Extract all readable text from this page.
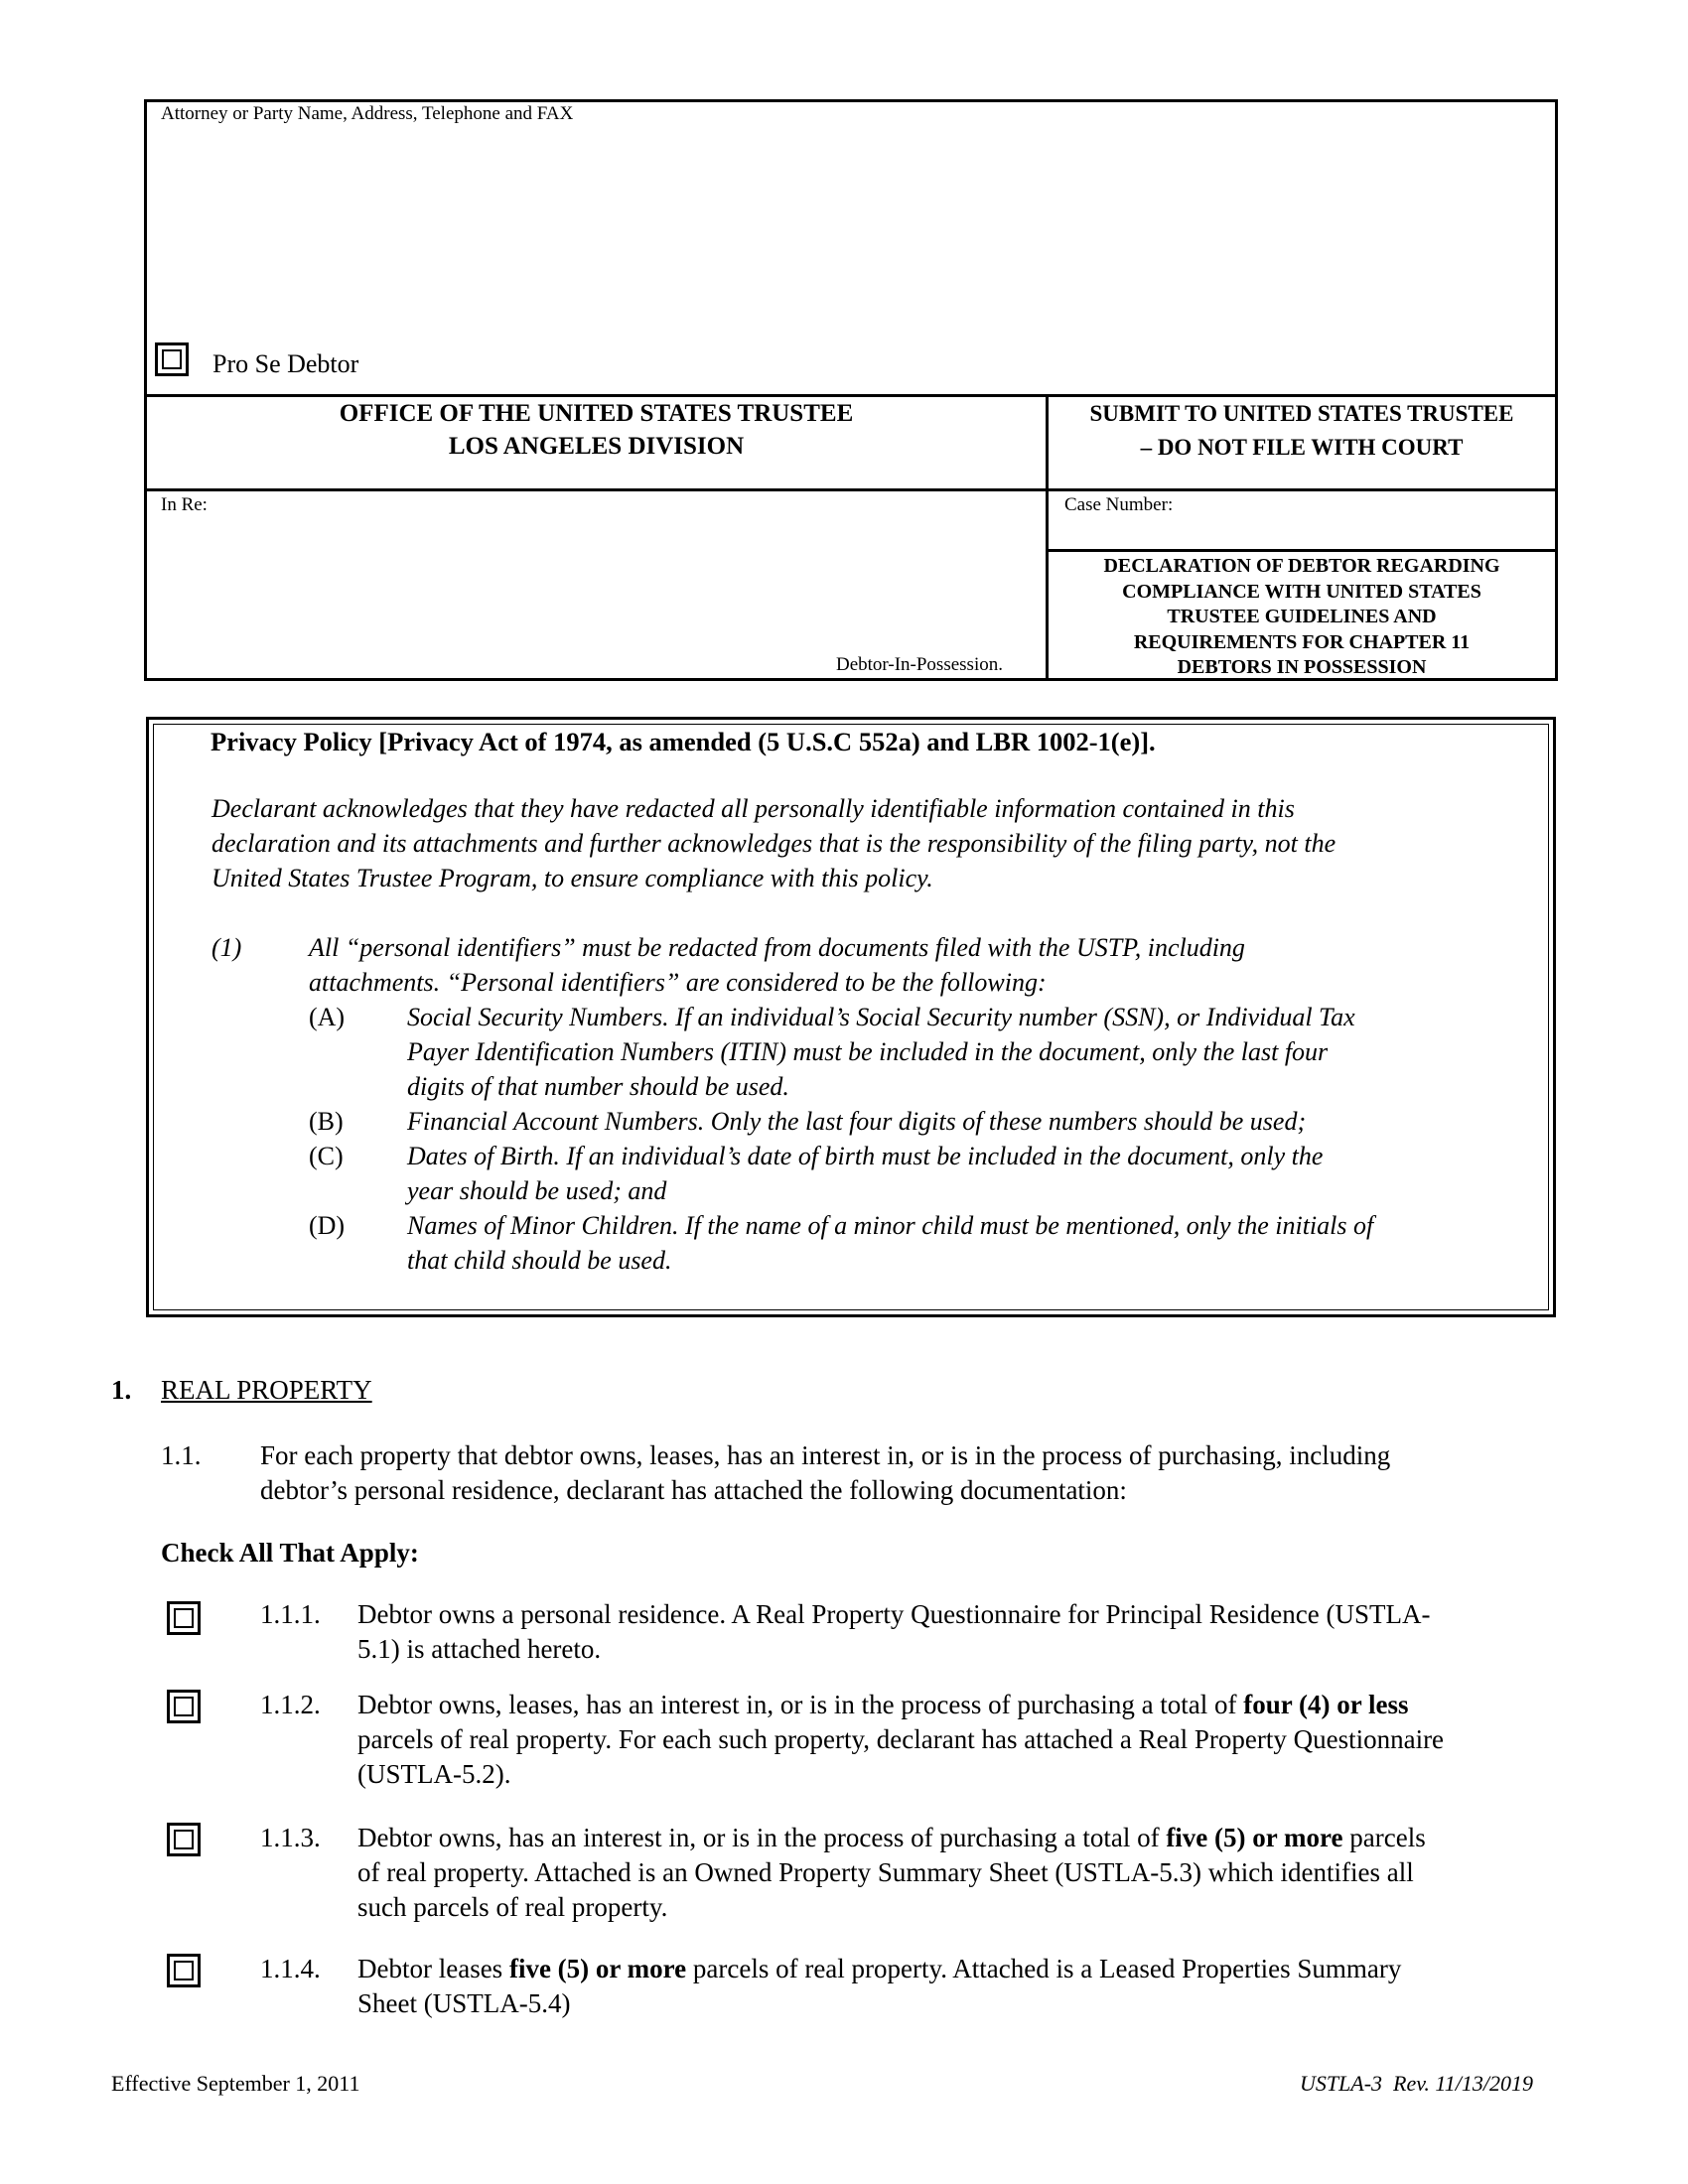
Attorney or Party Name, Address, Telephone and FAX
Pro Se Debtor
OFFICE OF THE UNITED STATES TRUSTEE
LOS ANGELES DIVISION
SUBMIT TO UNITED STATES TRUSTEE
– DO NOT FILE WITH COURT
In Re:
Debtor-In-Possession.
Case Number:
DECLARATION OF DEBTOR REGARDING
COMPLIANCE WITH UNITED STATES
TRUSTEE GUIDELINES AND
REQUIREMENTS FOR CHAPTER 11
DEBTORS IN POSSESSION
Privacy Policy [Privacy Act of 1974, as amended (5 U.S.C 552a) and LBR 1002-1(e)].
Declarant acknowledges that they have redacted all personally identifiable information contained in this
declaration and its attachments and further acknowledges that is the responsibility of the filing party, not the
United States Trustee Program, to ensure compliance with this policy.
(1)	All “personal identifiers” must be redacted from documents filed with the USTP, including
attachments. “Personal identifiers” are considered to be the following:
(A) Social Security Numbers. If an individual’s Social Security number (SSN), or Individual Tax
Payer Identification Numbers (ITIN) must be included in the document, only the last four
digits of that number should be used.
(B) Financial Account Numbers. Only the last four digits of these numbers should be used;
(C) Dates of Birth. If an individual’s date of birth must be included in the document, only the
year should be used; and
(D) Names of Minor Children. If the name of a minor child must be mentioned, only the initials of
that child should be used.
1. REAL PROPERTY
1.1. For each property that debtor owns, leases, has an interest in, or is in the process of purchasing, including
debtor’s personal residence, declarant has attached the following documentation:
Check All That Apply:
1.1.1. Debtor owns a personal residence. A Real Property Questionnaire for Principal Residence (USTLA-
5.1) is attached hereto.
1.1.2. Debtor owns, leases, has an interest in, or is in the process of purchasing a total of four (4) or less
parcels of real property. For each such property, declarant has attached a Real Property Questionnaire
(USTLA-5.2).
1.1.3. Debtor owns, has an interest in, or is in the process of purchasing a total of five (5) or more parcels
of real property. Attached is an Owned Property Summary Sheet (USTLA-5.3) which identifies all
such parcels of real property.
1.1.4. Debtor leases five (5) or more parcels of real property. Attached is a Leased Properties Summary
Sheet (USTLA-5.4)
Effective September 1, 2011	USTLA-3  Rev. 11/13/2019
